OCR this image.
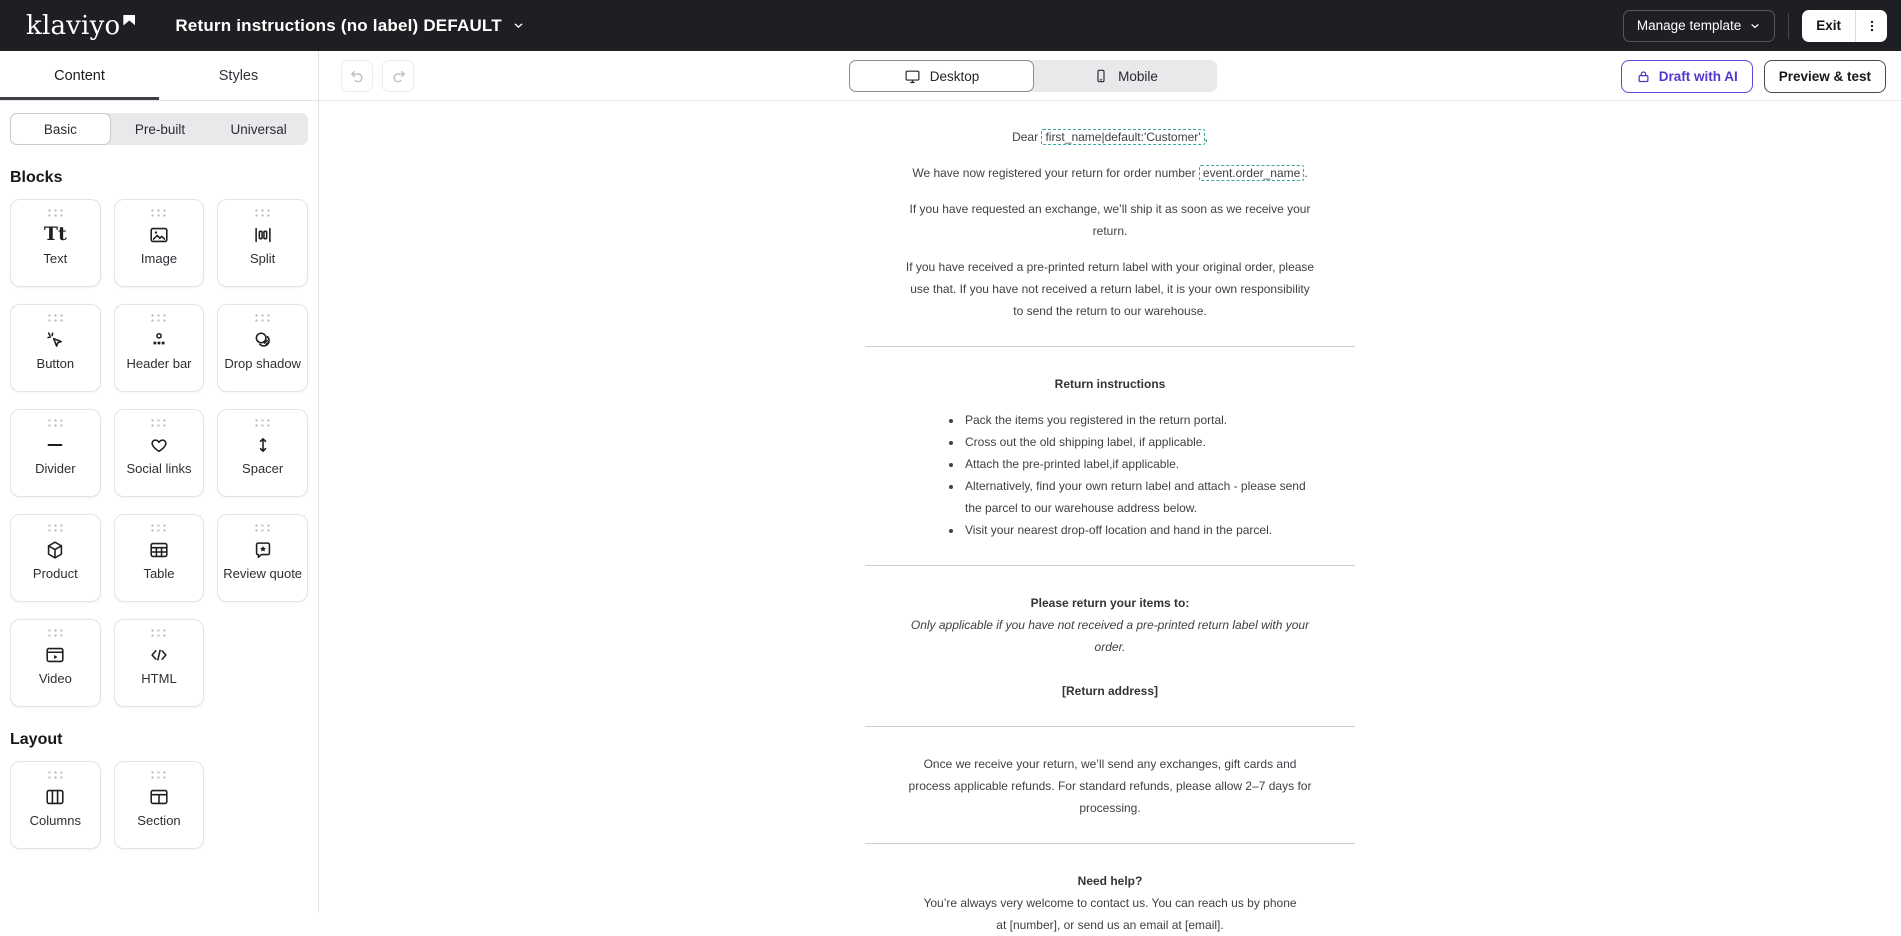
klaviyo	Return instructions (no label) DEFAULT	Manage template	Exit
Content	Styles
Basic	Pre-built	Universal
Blocks
Tt
Text	Image	Split
Button	Header bar	Drop shadow
Divider	Social links	Spacer
Product	Table	Review quote
Video	HTML
Layout
Columns	Section
Desktop	Mobile	Draft with AI	Preview & test

Dear first_name|default:'Customer' ,

We have now registered your return for order number event.order_name .

If you have requested an exchange, we’ll ship it as soon as we receive your return.

If you have received a pre-printed return label with your original order, please use that. If you have not received a return label, it is your own responsibility to send the return to our warehouse.

Return instructions

• Pack the items you registered in the return portal.
• Cross out the old shipping label, if applicable.
• Attach the pre-printed label,if applicable.
• Alternatively, find your own return label and attach - please send the parcel to our warehouse address below.
• Visit your nearest drop-off location and hand in the parcel.

Please return your items to:

Only applicable if you have not received a pre-printed return label with your order.

[Return address]

Once we receive your return, we’ll send any exchanges, gift cards and process applicable refunds. For standard refunds, please allow 2–7 days for processing.

Need help?

You’re always very welcome to contact us. You can reach us by phone
at [number], or send us an email at [email].
